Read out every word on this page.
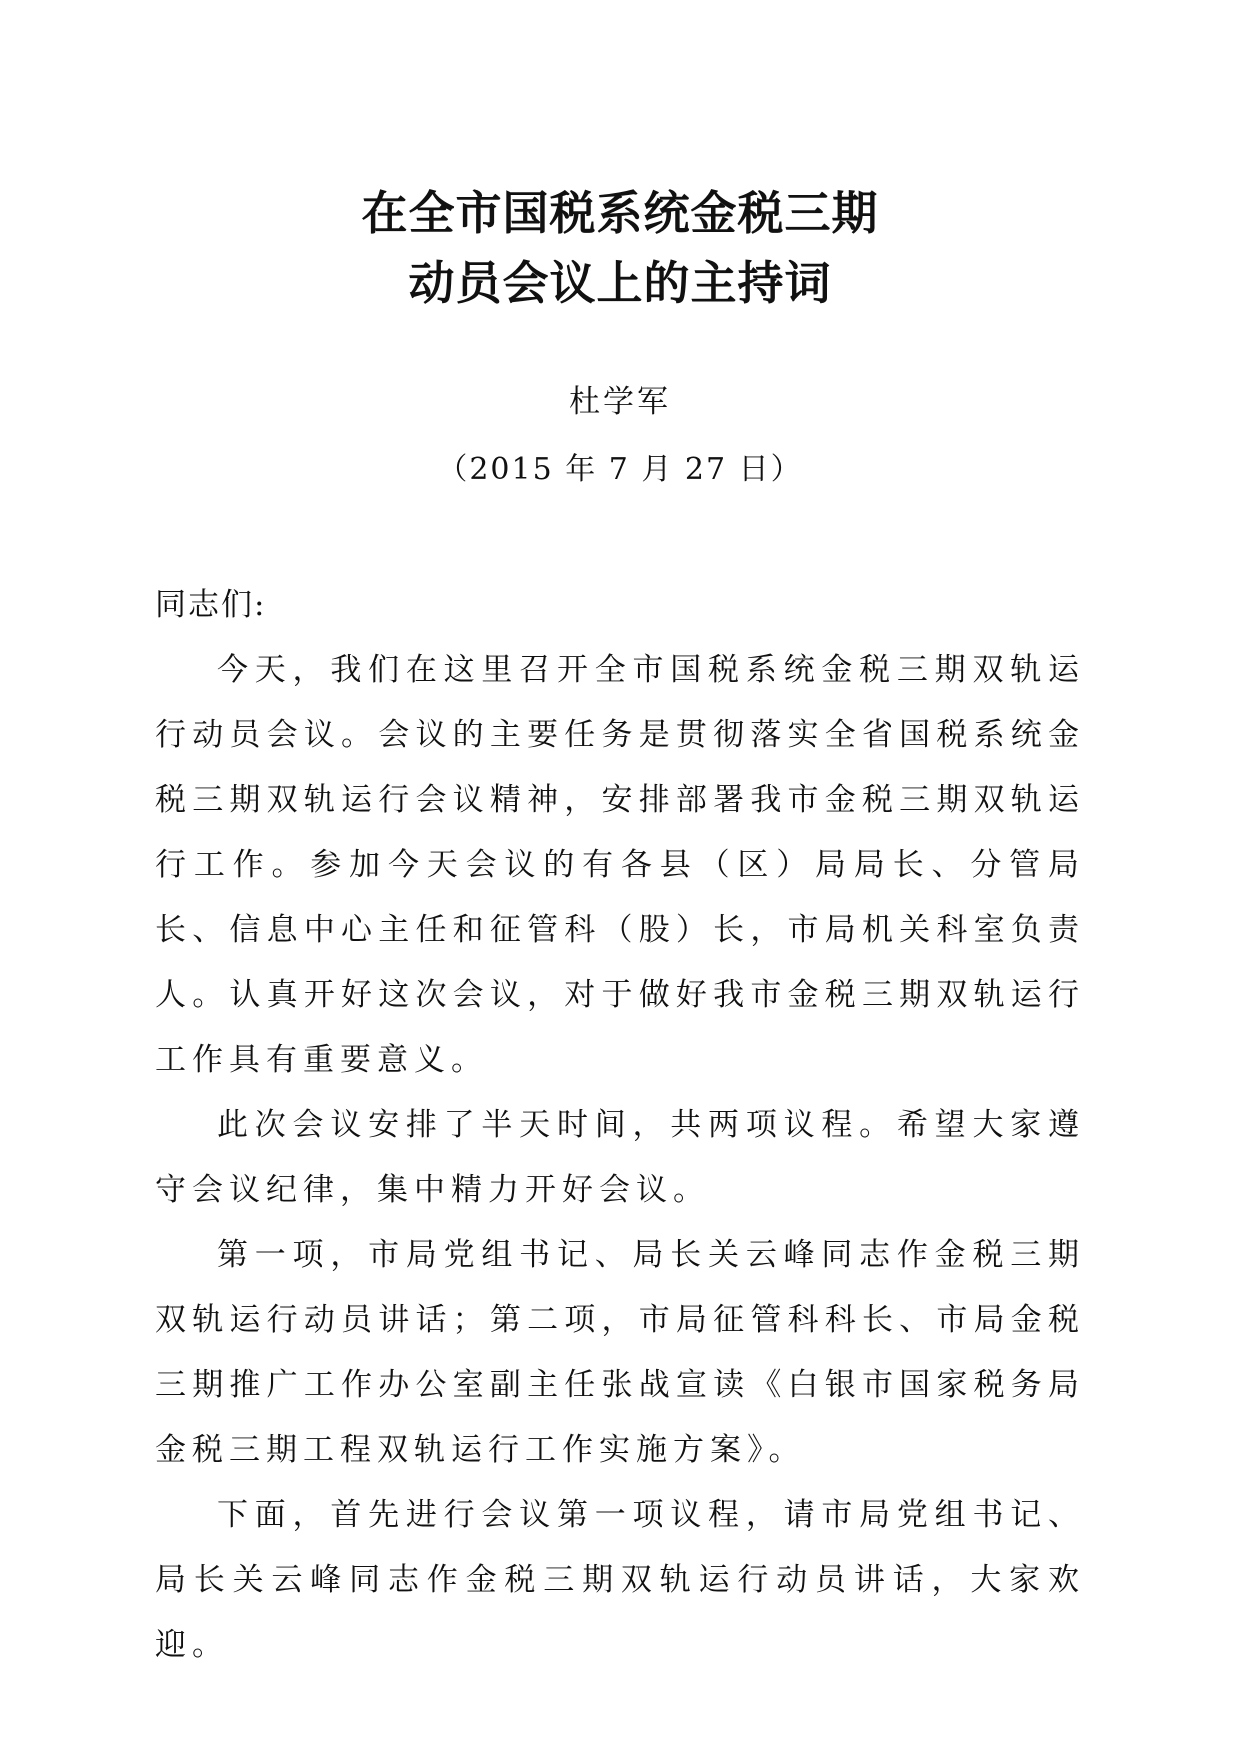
在全市国税系统金税三期
动员会议上的主持词
杜学军
（2015 年 7 月 27 日）

同志们:

今天，我们在这里召开全市国税系统金税三期双轨运行动员会议。会议的主要任务是贯彻落实全省国税系统金税三期双轨运行会议精神，安排部署我市金税三期双轨运行工作。参加今天会议的有各县（区）局局长、分管局长、信息中心主任和征管科（股）长，市局机关科室负责人。认真开好这次会议，对于做好我市金税三期双轨运行工作具有重要意义。

此次会议安排了半天时间，共两项议程。希望大家遵守会议纪律，集中精力开好会议。

第一项，市局党组书记、局长关云峰同志作金税三期双轨运行动员讲话；第二项，市局征管科科长、市局金税三期推广工作办公室副主任张战宣读《白银市国家税务局金税三期工程双轨运行工作实施方案》。

下面，首先进行会议第一项议程，请市局党组书记、局长关云峰同志作金税三期双轨运行动员讲话，大家欢迎。
